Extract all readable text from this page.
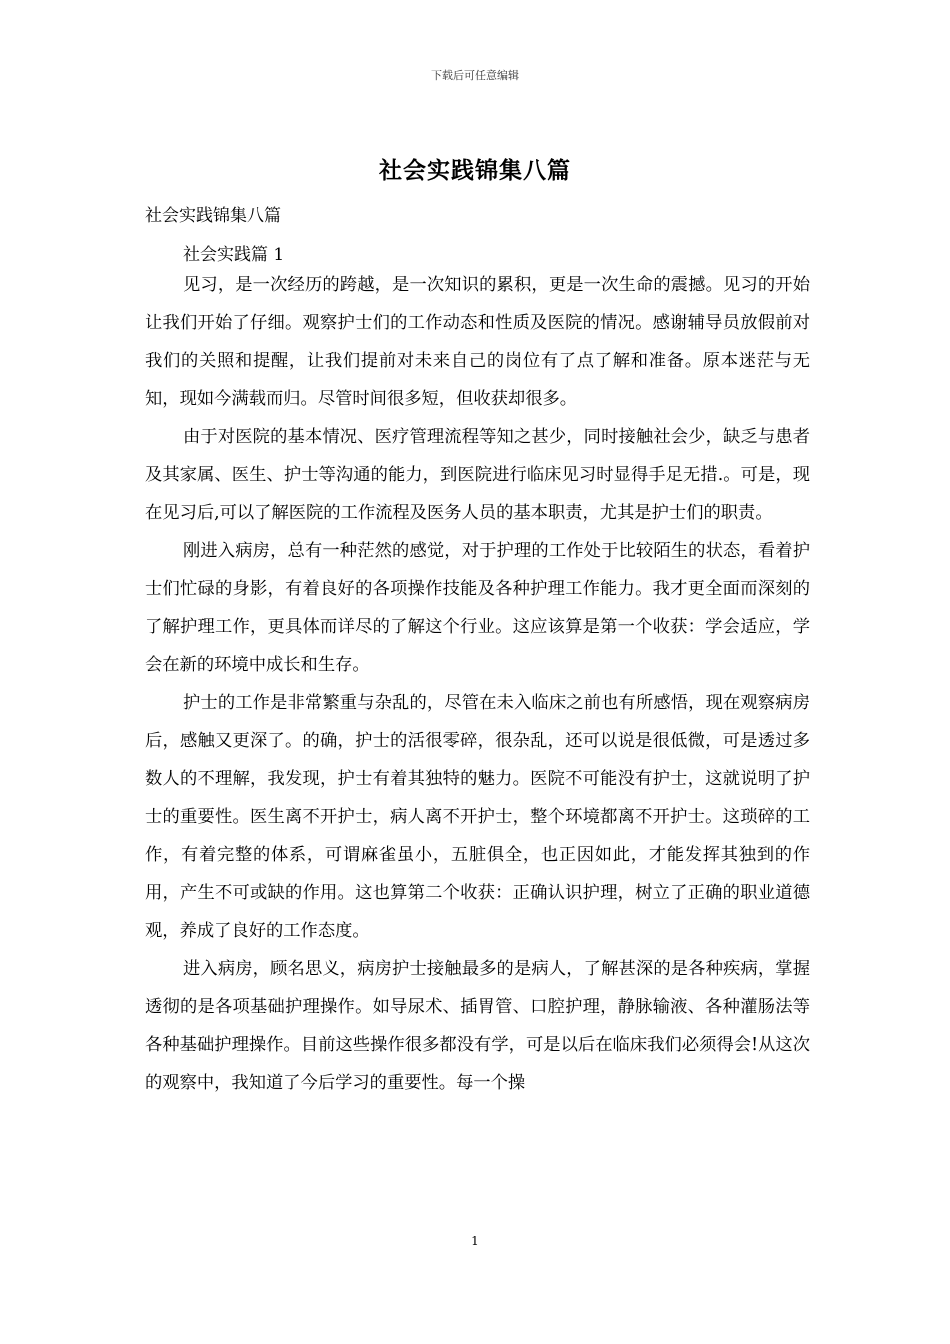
下载后可任意编辑
社会实践锦集八篇
社会实践锦集八篇
社会实践篇 1

见习，是一次经历的跨越，是一次知识的累积，更是一次生命的震撼。见习的开始让我们开始了仔细。观察护士们的工作动态和性质及医院的情况。感谢辅导员放假前对我们的关照和提醒，让我们提前对未来自己的岗位有了点了解和准备。原本迷茫与无知，现如今满载而归。尽管时间很多短，但收获却很多。

由于对医院的基本情况、医疗管理流程等知之甚少，同时接触社会少，缺乏与患者及其家属、医生、护士等沟通的能力，到医院进行临床见习时显得手足无措.。可是，现在见习后,可以了解医院的工作流程及医务人员的基本职责，尤其是护士们的职责。

刚进入病房，总有一种茫然的感觉，对于护理的工作处于比较陌生的状态，看着护士们忙碌的身影，有着良好的各项操作技能及各种护理工作能力。我才更全面而深刻的了解护理工作，更具体而详尽的了解这个行业。这应该算是第一个收获：学会适应，学会在新的环境中成长和生存。

护士的工作是非常繁重与杂乱的，尽管在未入临床之前也有所感悟，现在观察病房后，感触又更深了。的确，护士的活很零碎，很杂乱，还可以说是很低微，可是透过多数人的不理解，我发现，护士有着其独特的魅力。医院不可能没有护士，这就说明了护士的重要性。医生离不开护士，病人离不开护士，整个环境都离不开护士。这琐碎的工作，有着完整的体系，可谓麻雀虽小，五脏俱全，也正因如此，才能发挥其独到的作用，产生不可或缺的作用。这也算第二个收获：正确认识护理，树立了正确的职业道德观，养成了良好的工作态度。

进入病房，顾名思义，病房护士接触最多的是病人，了解甚深的是各种疾病，掌握透彻的是各项基础护理操作。如导尿术、插胃管、口腔护理，静脉输液、各种灌肠法等各种基础护理操作。目前这些操作很多都没有学，可是以后在临床我们必须得会!从这次的观察中，我知道了今后学习的重要性。每一个操

1
